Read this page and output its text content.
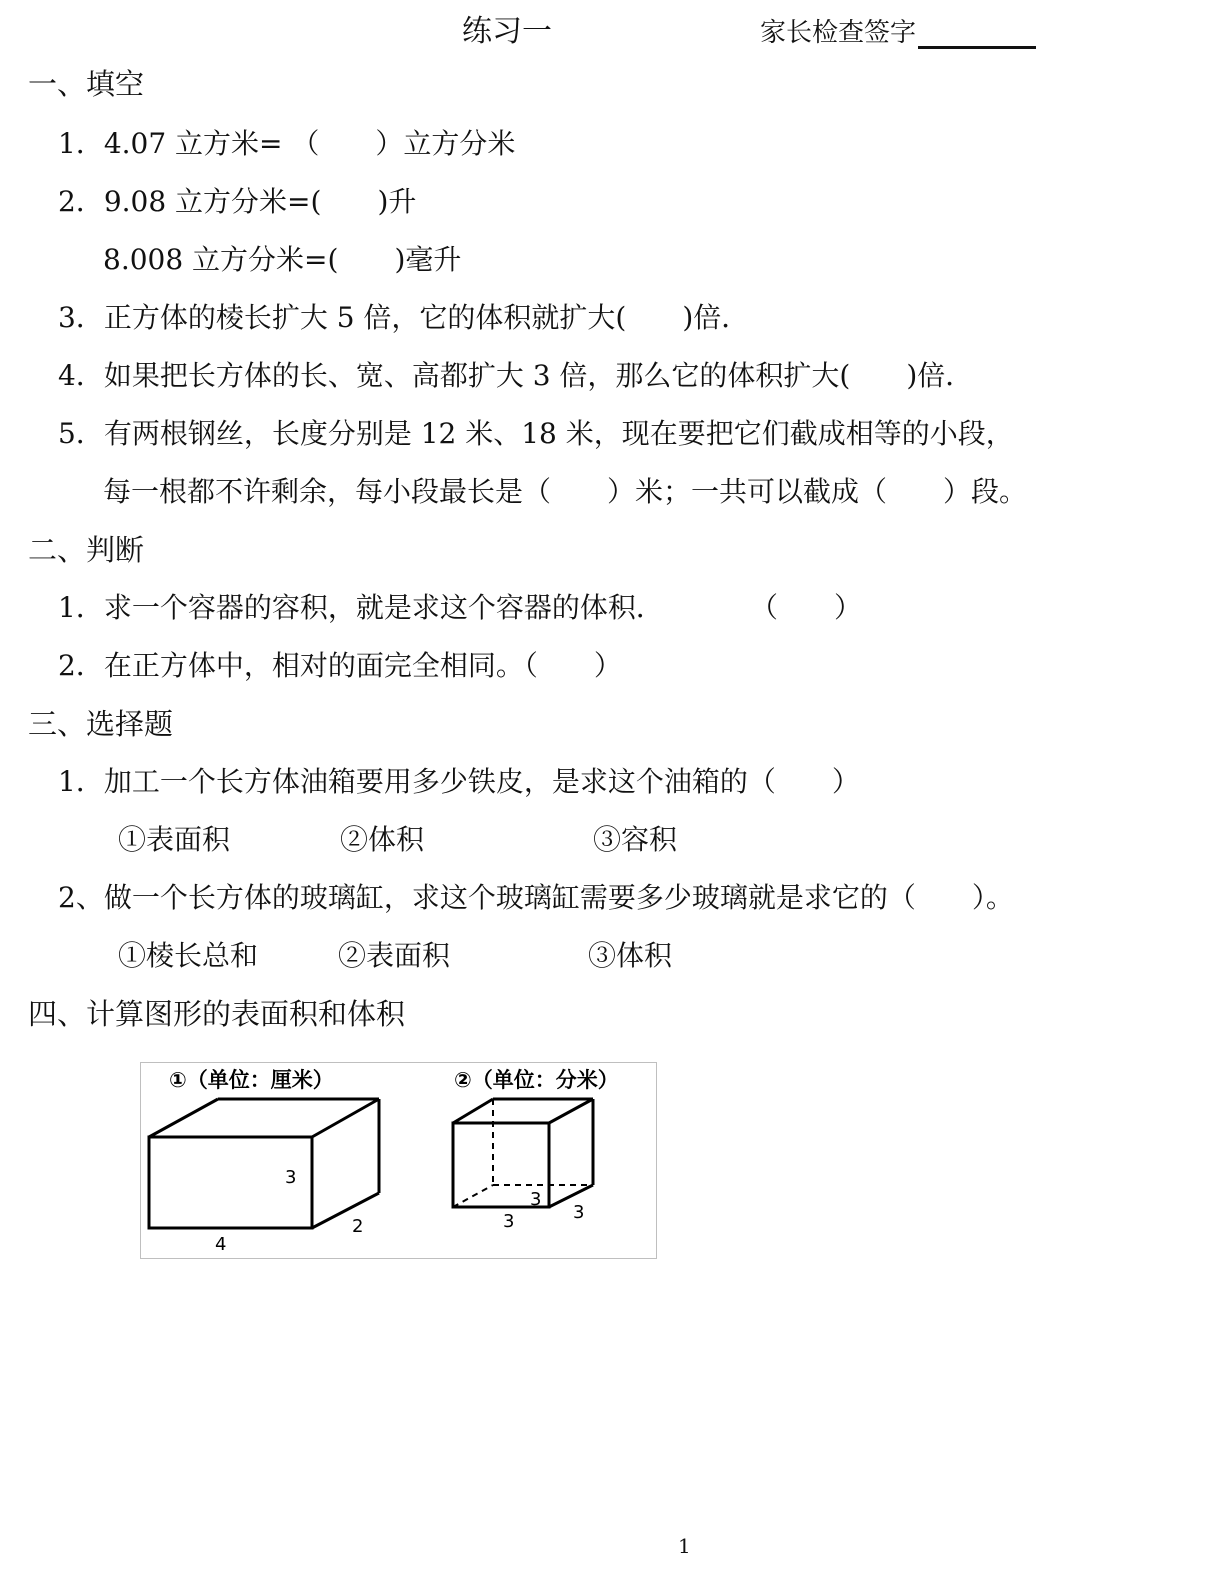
练习一	家长检查签字
一、填空
1．4.07 立方米= （　　）立方分米
2．9.08 立方分米=(　　)升
8.008 立方分米=(　　)毫升
3．正方体的棱长扩大 5 倍，它的体积就扩大(　　)倍．
4．如果把长方体的长、宽、高都扩大 3 倍，那么它的体积扩大(　　)倍．
5．有两根钢丝，长度分别是 12 米、18 米，现在要把它们截成相等的小段，
每一根都不许剩余，每小段最长是（　　）米；一共可以截成（　　）段。
二、判断
1．求一个容器的容积，就是求这个容器的体积．	（　　）
2．在正方体中，相对的面完全相同。（　　）
三、选择题
1．加工一个长方体油箱要用多少铁皮，是求这个油箱的（　　）
①表面积	②体积	③容积
2、做一个长方体的玻璃缸，求这个玻璃缸需要多少玻璃就是求它的（　　）。
①棱长总和	②表面积	③体积
四、计算图形的表面积和体积
①（单位：厘米）
3
2
4
②（单位：分米）
3
3	3
1
